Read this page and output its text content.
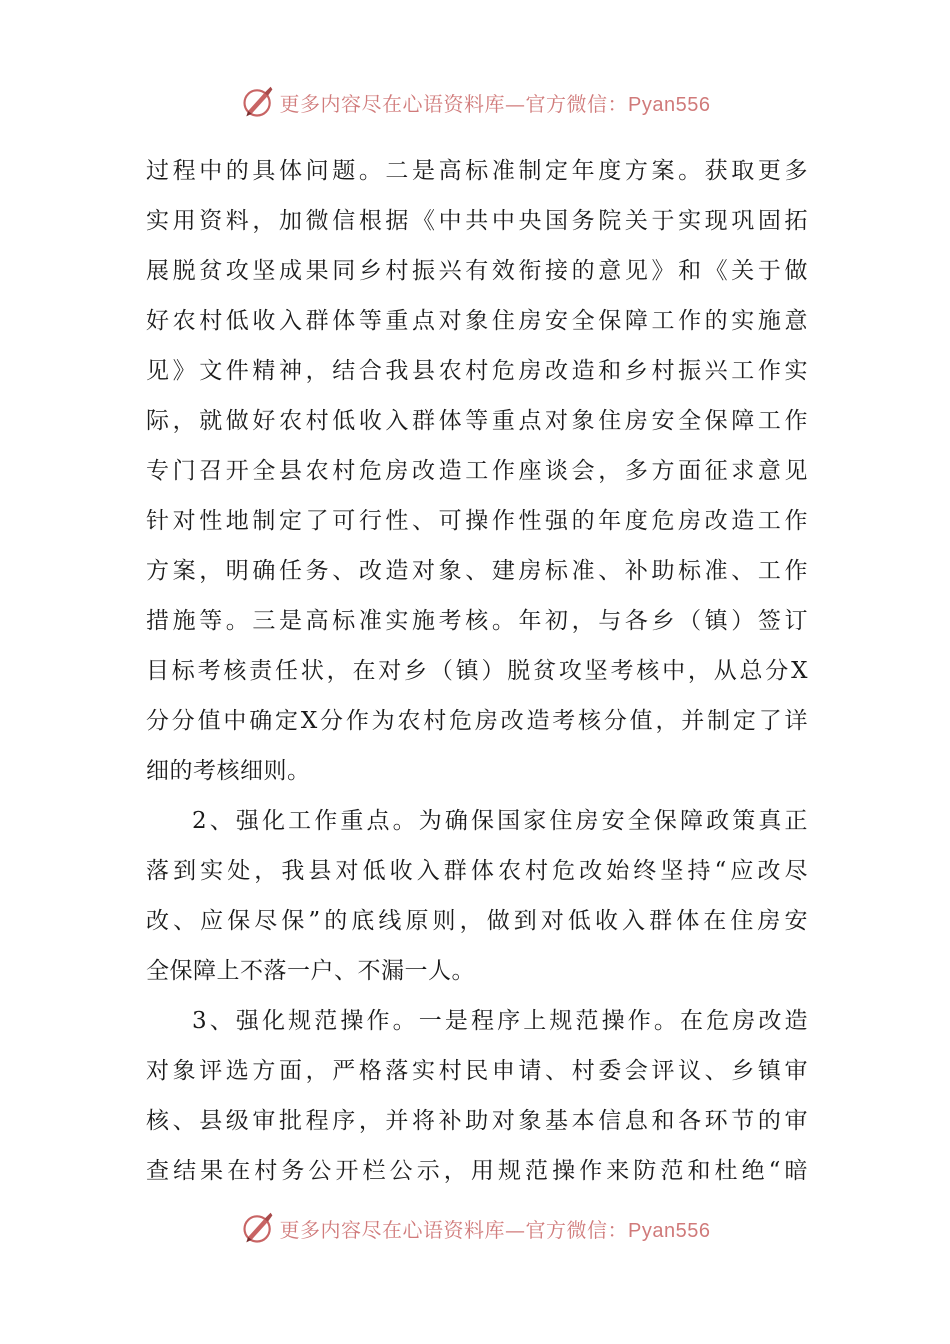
更多内容尽在心语资料库—官方微信：Pyan556
过程中的具体问题。二是高标准制定年度方案。获取更多
实用资料，加微信根据《中共中央国务院关于实现巩固拓
展脱贫攻坚成果同乡村振兴有效衔接的意见》和《关于做
好农村低收入群体等重点对象住房安全保障工作的实施意
见》文件精神，结合我县农村危房改造和乡村振兴工作实
际，就做好农村低收入群体等重点对象住房安全保障工作
专门召开全县农村危房改造工作座谈会，多方面征求意见
针对性地制定了可行性、可操作性强的年度危房改造工作
方案，明确任务、改造对象、建房标准、补助标准、工作
措施等。三是高标准实施考核。年初，与各乡（镇）签订
目标考核责任状，在对乡（镇）脱贫攻坚考核中，从总分X
分分值中确定X分作为农村危房改造考核分值，并制定了详
细的考核细则。
2、强化工作重点。为确保国家住房安全保障政策真正
落到实处，我县对低收入群体农村危改始终坚持“应改尽
改、应保尽保”的底线原则，做到对低收入群体在住房安
全保障上不落一户、不漏一人。
3、强化规范操作。一是程序上规范操作。在危房改造
对象评选方面，严格落实村民申请、村委会评议、乡镇审
核、县级审批程序，并将补助对象基本信息和各环节的审
查结果在村务公开栏公示，用规范操作来防范和杜绝“暗
更多内容尽在心语资料库—官方微信：Pyan556
